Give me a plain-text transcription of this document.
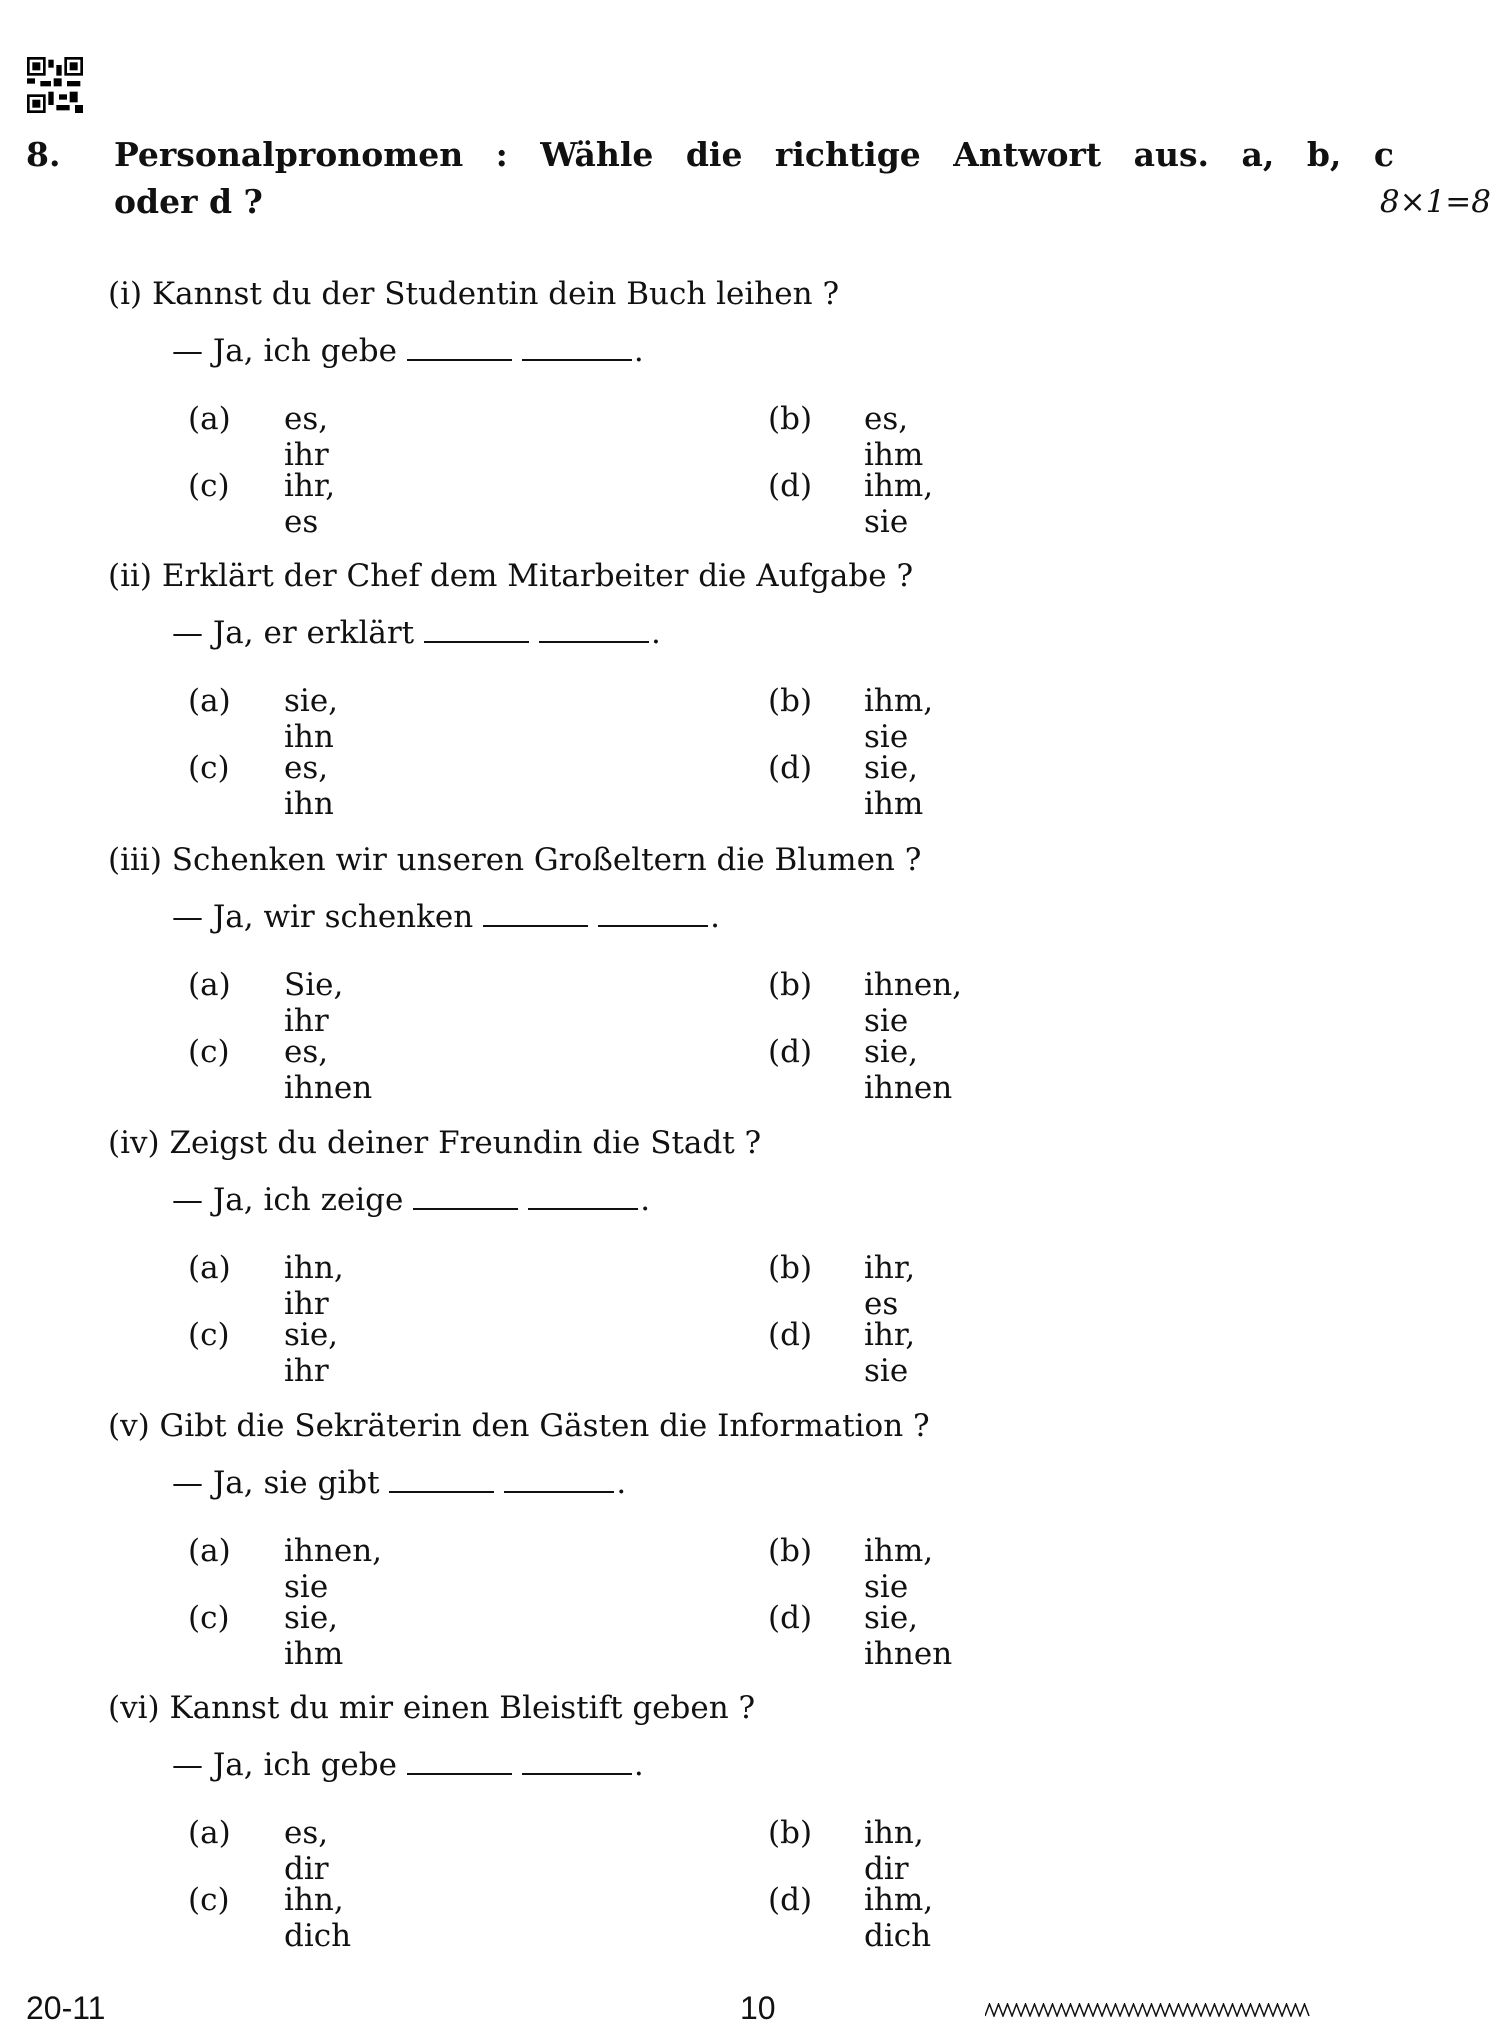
8. Personalpronomen : Wähle die richtige Antwort aus. a, b, c
oder d ?	8×1=8
(i) Kannst du der Studentin dein Buch leihen ?
— Ja, ich gebe	.
(a) es, ihr
(b) es, ihm
(c) ihr, es
(d) ihm, sie
(ii) Erklärt der Chef dem Mitarbeiter die Aufgabe ?
— Ja, er erklärt	.
(a) sie, ihn
(b) ihm, sie
(c) es, ihn
(d) sie, ihm
(iii) Schenken wir unseren Großeltern die Blumen ?
— Ja, wir schenken	.
(a) Sie, ihr
(b) ihnen, sie
(c) es, ihnen
(d) sie, ihnen
(iv) Zeigst du deiner Freundin die Stadt ?
— Ja, ich zeige	.
(a) ihn, ihr
(b) ihr, es
(c) sie, ihr
(d) ihr, sie
(v) Gibt die Sekräterin den Gästen die Information ?
— Ja, sie gibt	.
(a) ihnen, sie
(b) ihm, sie
(c) sie, ihm
(d) sie, ihnen
(vi) Kannst du mir einen Bleistift geben ?
— Ja, ich gebe	.
(a) es, dir
(b) ihn, dir
(c) ihn, dich
(d) ihm, dich
20-11	10
